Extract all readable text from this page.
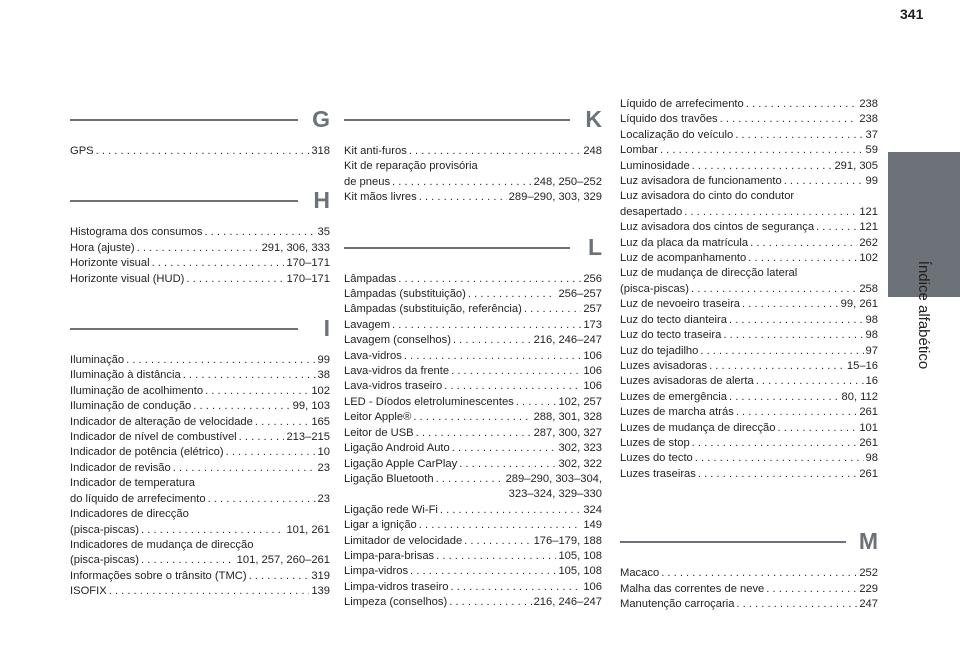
341
Índice alfabético
G
GPS . . .	318
H
Histograma dos consumos . . .	35
Hora (ajuste) . . .	291, 306, 333
Horizonte visual . . .	170–171
Horizonte visual (HUD) . . .	170–171
I
Iluminação . . .	99
Iluminação à distância . . .	38
Iluminação de acolhimento . . .	102
Iluminação de condução . . .	99, 103
Indicador de alteração de velocidade . . .	165
Indicador de nível de combustível . . .	213–215
Indicador de potência (elétrico) . . .	10
Indicador de revisão . . .	23
Indicador de temperatura
do líquido de arrefecimento . . .	23
Indicadores de direcção
(pisca-piscas) . . .	101, 261
Indicadores de mudança de direcção
(pisca-piscas) . . .	101, 257, 260–261
Informações sobre o trânsito (TMC) . . .	319
ISOFIX . . .	139
K
Kit anti-furos . . .	248
Kit de reparação provisória
de pneus . . .	248, 250–252
Kit mãos livres . . .	289–290, 303, 329
L
Lâmpadas . . .	256
Lâmpadas (substituição) . . .	256–257
Lâmpadas (substituição, referência) . . .	257
Lavagem . . .	173
Lavagem (conselhos) . . .	216, 246–247
Lava-vidros . . .	106
Lava-vidros da frente . . .	106
Lava-vidros traseiro . . .	106
LED - Díodos eletroluminescentes . . .	102, 257
Leitor Apple® . . .	288, 301, 328
Leitor de USB . . .	287, 300, 327
Ligação Android Auto . . .	302, 323
Ligação Apple CarPlay . . .	302, 322
Ligação Bluetooth . . .	289–290, 303–304,
323–324, 329–330
Ligação rede Wi-Fi . . .	324
Ligar a ignição . . .	149
Limitador de velocidade . . .	176–179, 188
Limpa-para-brisas . . .	105, 108
Limpa-vidros . . .	105, 108
Limpa-vidros traseiro . . .	106
Limpeza (conselhos) . . .	216, 246–247
Líquido de arrefecimento . . .	238
Líquido dos travões . . .	238
Localização do veículo . . .	37
Lombar . . .	59
Luminosidade . . .	291, 305
Luz avisadora de funcionamento . . .	99
Luz avisadora do cinto do condutor
desapertado . . .	121
Luz avisadora dos cintos de segurança . . .	121
Luz da placa da matrícula . . .	262
Luz de acompanhamento . . .	102
Luz de mudança de direcção lateral
(pisca-piscas) . . .	258
Luz de nevoeiro traseira . . .	99, 261
Luz do tecto dianteira . . .	98
Luz do tecto traseira . . .	98
Luz do tejadilho . . .	97
Luzes avisadoras . . .	15–16
Luzes avisadoras de alerta . . .	16
Luzes de emergência . . .	80, 112
Luzes de marcha atrás . . .	261
Luzes de mudança de direcção . . .	101
Luzes de stop . . .	261
Luzes do tecto . . .	98
Luzes traseiras . . .	261
M
Macaco . . .	252
Malha das correntes de neve . . .	229
Manutenção carroçaria . . .	247
